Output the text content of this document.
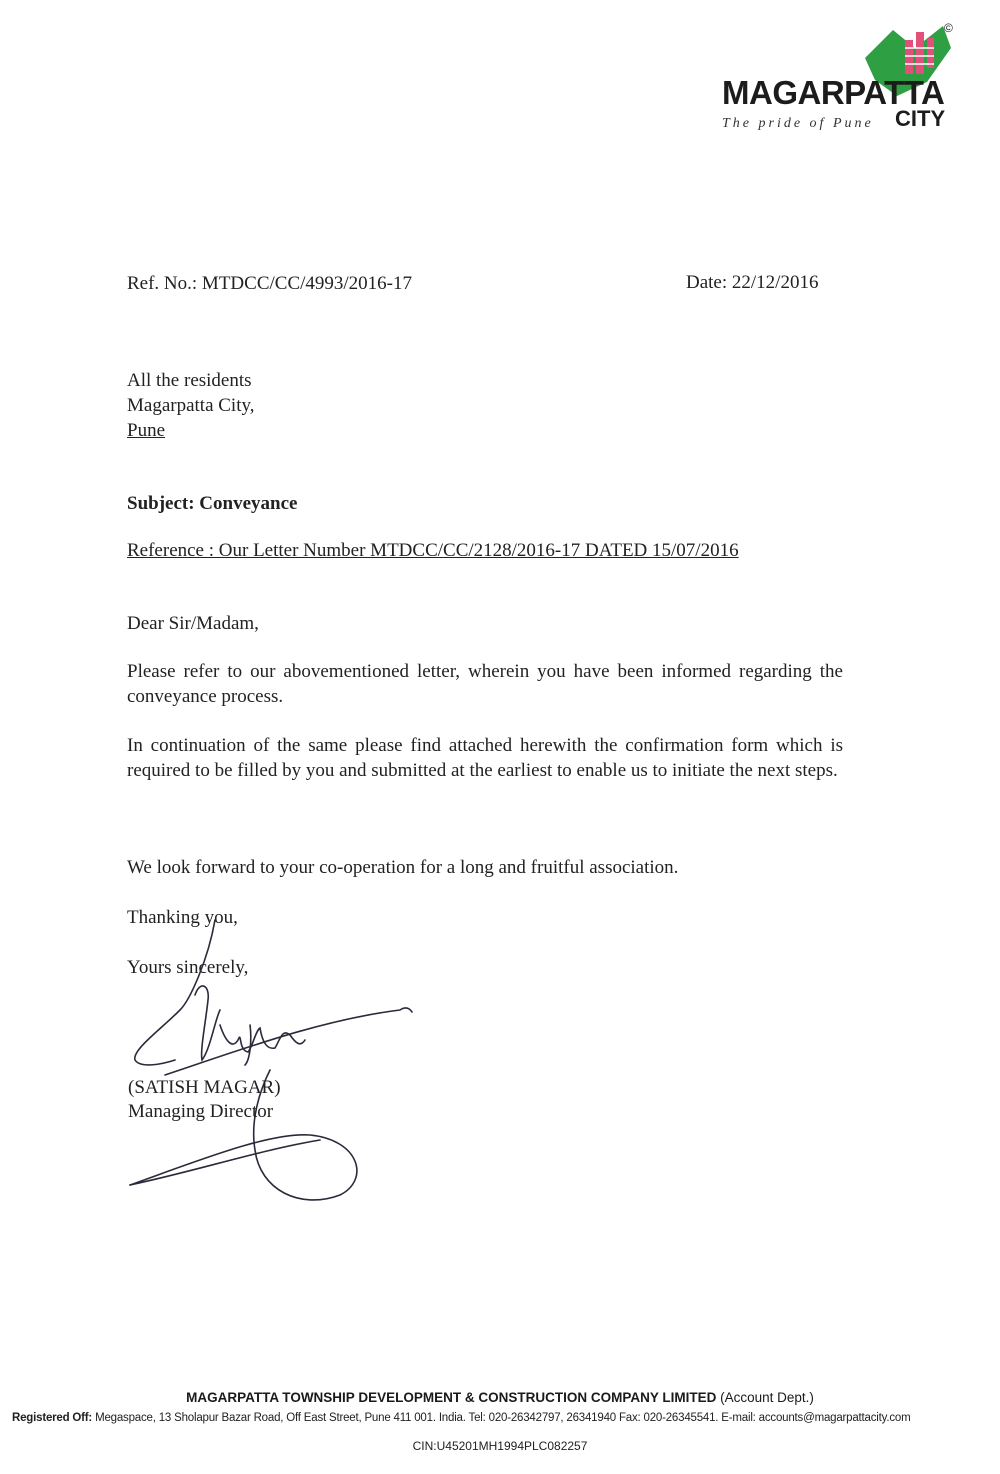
©
MAGARPATTA
The pride of Pune CITY
Ref. No.: MTDCC/CC/4993/2016-17	Date: 22/12/2016
All the residents
Magarpatta City,
Pune
Subject: Conveyance
Reference : Our Letter Number MTDCC/CC/2128/2016-17 DATED 15/07/2016
Dear Sir/Madam,
Please refer to our abovementioned letter, wherein you have been informed regarding the conveyance process.
In continuation of the same please find attached herewith the confirmation form which is required to be filled by you and submitted at the earliest to enable us to initiate the next steps.
We look forward to your co-operation for a long and fruitful association.
Thanking you,
Yours sincerely,
(SATISH MAGAR)
Managing Director
MAGARPATTA TOWNSHIP DEVELOPMENT & CONSTRUCTION COMPANY LIMITED (Account Dept.)
Registered Off: Megaspace, 13 Sholapur Bazar Road, Off East Street, Pune 411 001. India. Tel: 020-26342797, 26341940 Fax: 020-26345541. E-mail: accounts@magarpattacity.com
CIN:U45201MH1994PLC082257
